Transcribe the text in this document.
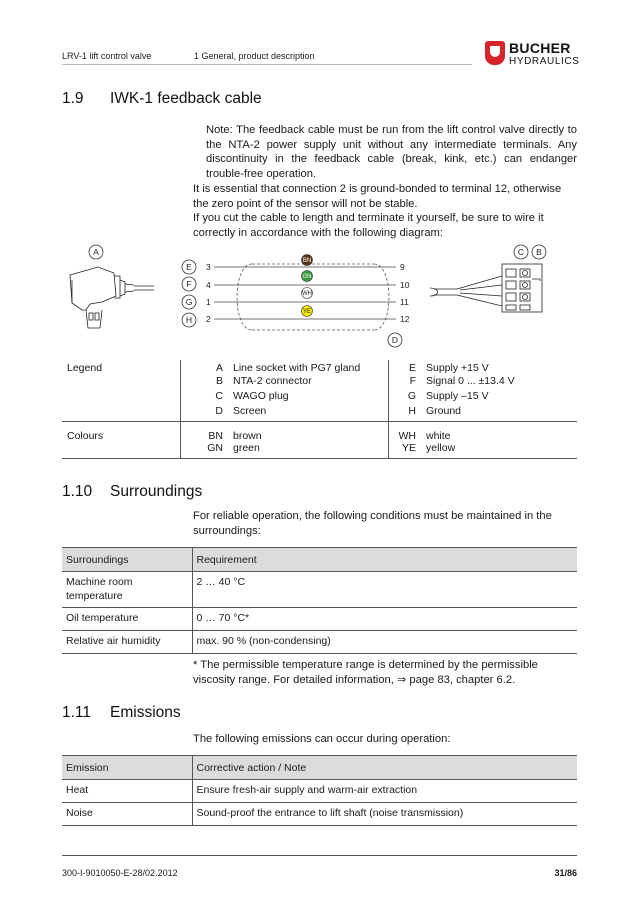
LRV-1 lift control valve	1 General, product description	BUCHER
HYDRAULICS
1.9 IWK-1 feedback cable
Note: The feedback cable must be run from the lift control valve directly to the NTA-2 power supply unit without any intermediate terminals. Any discontinuity in the feedback cable (break, kink, etc.) can endanger trouble-free operation.
It is essential that connection 2 is ground-bonded to terminal 12, otherwise the zero point of the sensor will not be stable.
If you cut the cable to length and terminate it yourself, be sure to wire it correctly in accordance with the following diagram:
A
E
F
G
H
D
C B
3
4
1
2
9
10
11
12
BN
GN
WH
YE
Legend	A	Line socket with PG7 gland	E	Supply +15 V
	B	NTA-2 connector	F	Signal 0 ... ±13.4 V
	C	WAGO plug	G	Supply –15 V
	D	Screen	H	Ground
Colours	BN	brown	WH	white
	GN	green	YE	yellow
1.10 Surroundings
For reliable operation, the following conditions must be maintained in the surroundings:
Surroundings	Requirement
Machine room temperature	2 … 40 °C
Oil temperature	0 … 70 °C*
Relative air humidity	max. 90 % (non-condensing)
* The permissible temperature range is determined by the permissible viscosity range. For detailed information, ⇒ page 83, chapter 6.2.
1.11 Emissions
The following emissions can occur during operation:
Emission	Corrective action / Note
Heat	Ensure fresh-air supply and warm-air extraction
Noise	Sound-proof the entrance to lift shaft (noise transmission)
300-I-9010050-E-28/02.2012	31/86
